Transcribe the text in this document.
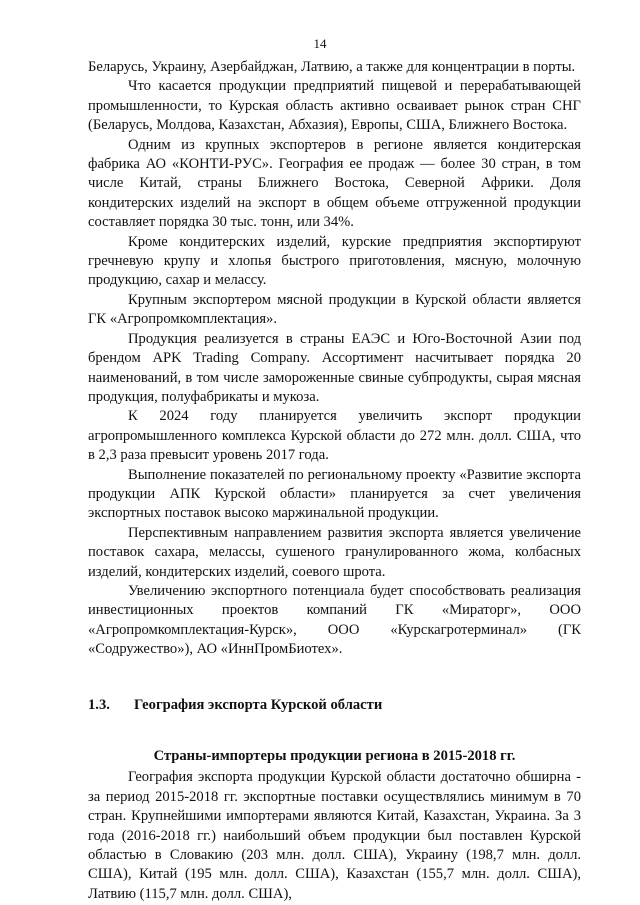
14

Беларусь, Украину, Азербайджан, Латвию, а также для концентрации в порты.

Что касается продукции предприятий пищевой и перерабатывающей промышленности, то Курская область активно осваивает рынок стран СНГ (Беларусь, Молдова, Казахстан, Абхазия), Европы, США, Ближнего Востока.

Одним из крупных экспортеров в регионе является кондитерская фабрика АО «КОНТИ-РУС». География ее продаж — более 30 стран, в том числе Китай, страны Ближнего Востока, Северной Африки. Доля кондитерских изделий на экспорт в общем объеме отгруженной продукции составляет порядка 30 тыс. тонн, или 34%.

Кроме кондитерских изделий, курские предприятия экспортируют гречневую крупу и хлопья быстрого приготовления, мясную, молочную продукцию, сахар и мелассу.

Крупным экспортером мясной продукции в Курской области является ГК «Агропромкомплектация».

Продукция реализуется в страны ЕАЭС и Юго-Восточной Азии под брендом APK Trading Company. Ассортимент насчитывает порядка 20 наименований, в том числе замороженные свиные субпродукты, сырая мясная продукция, полуфабрикаты и мукоза.

К 2024 году планируется увеличить экспорт продукции агропромышленного комплекса Курской области до 272 млн. долл. США, что в 2,3 раза превысит уровень 2017 года.

Выполнение показателей по региональному проекту «Развитие экспорта продукции АПК Курской области» планируется за счет увеличения экспортных поставок высоко маржинальной продукции.

Перспективным направлением развития экспорта является увеличение поставок сахара, мелассы, сушеного гранулированного жома, колбасных изделий, кондитерских изделий, соевого шрота.

Увеличению экспортного потенциала будет способствовать реализация инвестиционных проектов компаний ГК «Мираторг», ООО «Агропромкомплектация-Курск», ООО «Курскагротерминал» (ГК «Содружество»), АО «ИннПромБиотех».

1.3. География экспорта Курской области
Страны-импортеры продукции региона в 2015-2018 гг.

География экспорта продукции Курской области достаточно обширна - за период 2015-2018 гг. экспортные поставки осуществлялись минимум в 70 стран. Крупнейшими импортерами являются Китай, Казахстан, Украина. За 3 года (2016-2018 гг.) наибольший объем продукции был поставлен Курской областью в Словакию (203 млн. долл. США), Украину (198,7 млн. долл. США), Китай (195 млн. долл. США), Казахстан (155,7 млн. долл. США), Латвию (115,7 млн. долл. США),
